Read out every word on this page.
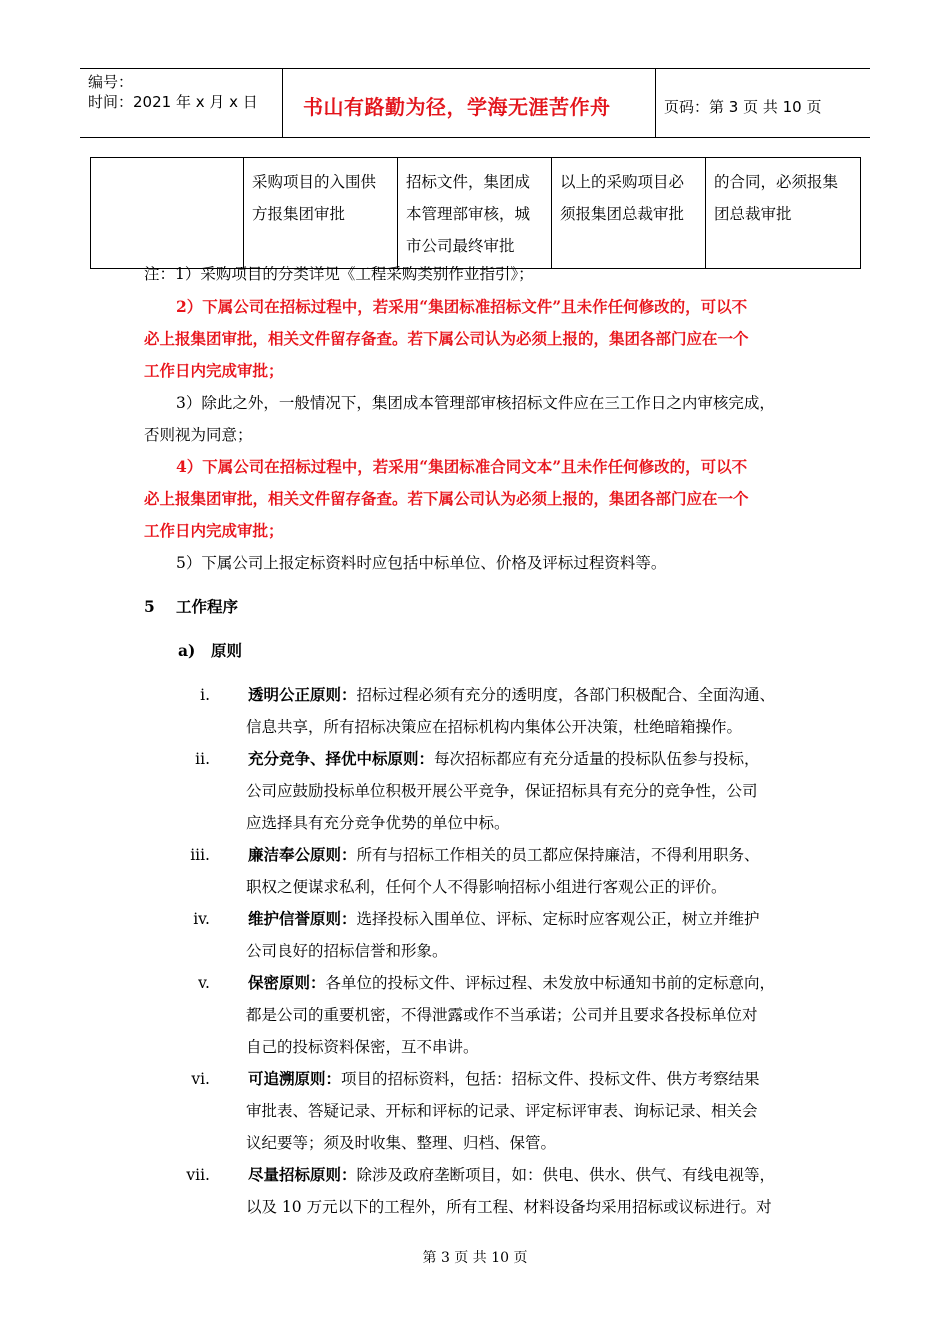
编号：
时间：2021 年 x 月 x 日 书山有路勤为径，学海无涯苦作舟	页码：第 3 页 共 10 页
	采购项目的入围供方报集团审批	招标文件，集团成本管理部审核，城市公司最终审批	以上的采购项目必须报集团总裁审批	的合同，必须报集团总裁审批
注：1）采购项目的分类详见《工程采购类别作业指引》；
2）下属公司在招标过程中，若采用“集团标准招标文件”且未作任何修改的，可以不
必上报集团审批，相关文件留存备查。若下属公司认为必须上报的，集团各部门应在一个
工作日内完成审批；
3）除此之外，一般情况下，集团成本管理部审核招标文件应在三工作日之内审核完成，
否则视为同意；
4）下属公司在招标过程中，若采用“集团标准合同文本”且未作任何修改的，可以不
必上报集团审批，相关文件留存备查。若下属公司认为必须上报的，集团各部门应在一个
工作日内完成审批；
5）下属公司上报定标资料时应包括中标单位、价格及评标过程资料等。
5 工作程序
a) 原则
i. 透明公正原则：招标过程必须有充分的透明度，各部门积极配合、全面沟通、
信息共享，所有招标决策应在招标机构内集体公开决策，杜绝暗箱操作。
ii. 充分竞争、择优中标原则：每次招标都应有充分适量的投标队伍参与投标，
公司应鼓励投标单位积极开展公平竞争，保证招标具有充分的竞争性，公司
应选择具有充分竞争优势的单位中标。
iii. 廉洁奉公原则：所有与招标工作相关的员工都应保持廉洁，不得利用职务、
职权之便谋求私利，任何个人不得影响招标小组进行客观公正的评价。
iv. 维护信誉原则：选择投标入围单位、评标、定标时应客观公正，树立并维护
公司良好的招标信誉和形象。
v. 保密原则：各单位的投标文件、评标过程、未发放中标通知书前的定标意向，
都是公司的重要机密，不得泄露或作不当承诺；公司并且要求各投标单位对
自己的投标资料保密，互不串讲。
vi. 可追溯原则：项目的招标资料，包括：招标文件、投标文件、供方考察结果
审批表、答疑记录、开标和评标的记录、评定标评审表、询标记录、相关会
议纪要等；须及时收集、整理、归档、保管。
vii. 尽量招标原则：除涉及政府垄断项目，如：供电、供水、供气、有线电视等，
以及 10 万元以下的工程外，所有工程、材料设备均采用招标或议标进行。对
第 3 页 共 10 页
